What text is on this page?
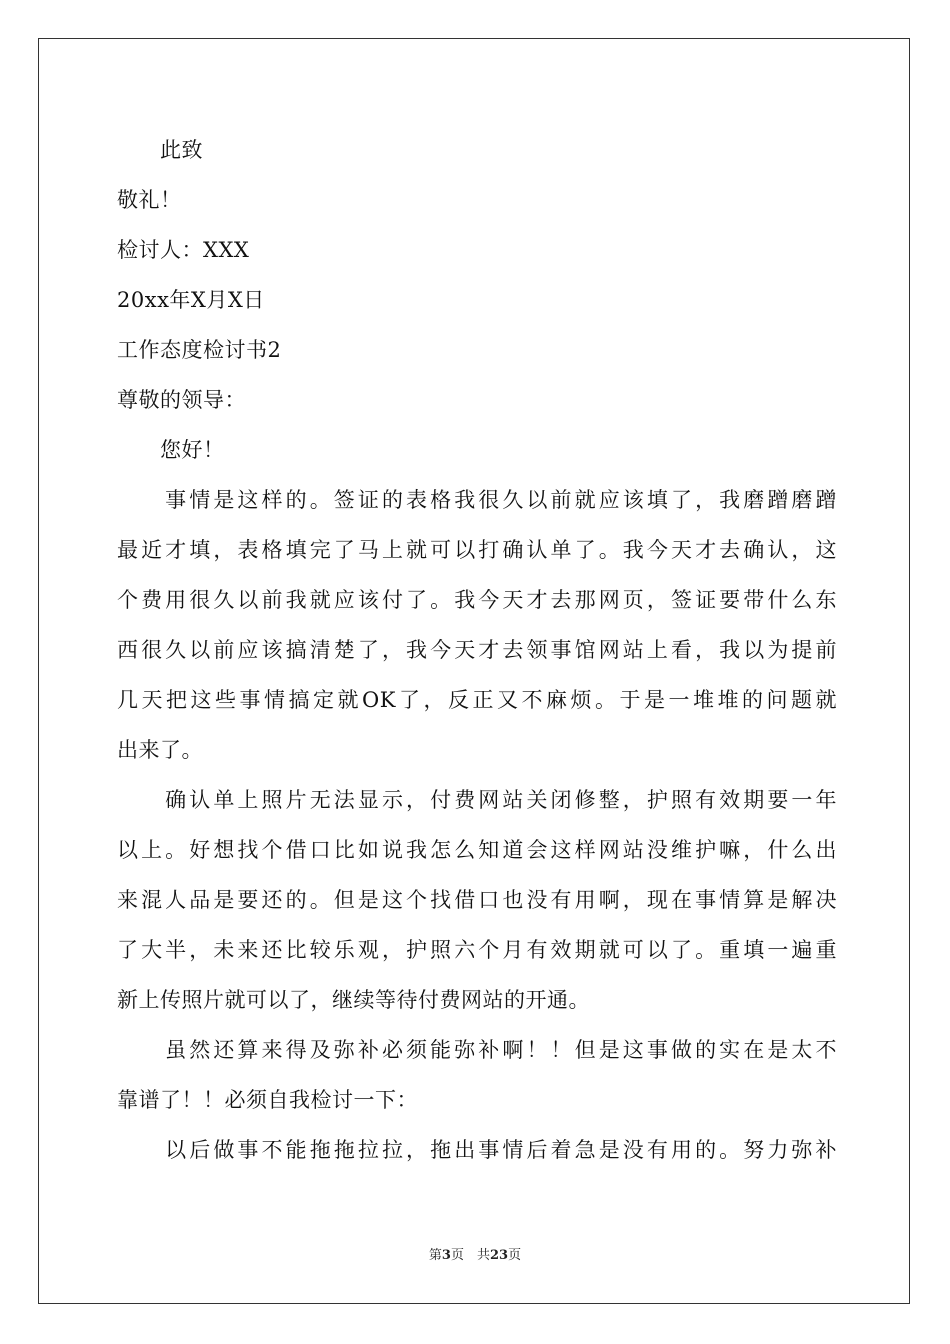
　　此致
敬礼！
检讨人：XXX
20xx年X月X日
工作态度检讨书2
尊敬的领导：
　　您好！
　　事情是这样的。签证的表格我很久以前就应该填了，我磨蹭磨蹭
最近才填，表格填完了马上就可以打确认单了。我今天才去确认，这
个费用很久以前我就应该付了。我今天才去那网页，签证要带什么东
西很久以前应该搞清楚了，我今天才去领事馆网站上看，我以为提前
几天把这些事情搞定就OK了，反正又不麻烦。于是一堆堆的问题就
出来了。
　　确认单上照片无法显示，付费网站关闭修整，护照有效期要一年
以上。好想找个借口比如说我怎么知道会这样网站没维护嘛，什么出
来混人品是要还的。但是这个找借口也没有用啊，现在事情算是解决
了大半，未来还比较乐观，护照六个月有效期就可以了。重填一遍重
新上传照片就可以了，继续等待付费网站的开通。
　　虽然还算来得及弥补必须能弥补啊！！但是这事做的实在是太不
靠谱了！！必须自我检讨一下：
　　以后做事不能拖拖拉拉，拖出事情后着急是没有用的。努力弥补
第3页　共23页
